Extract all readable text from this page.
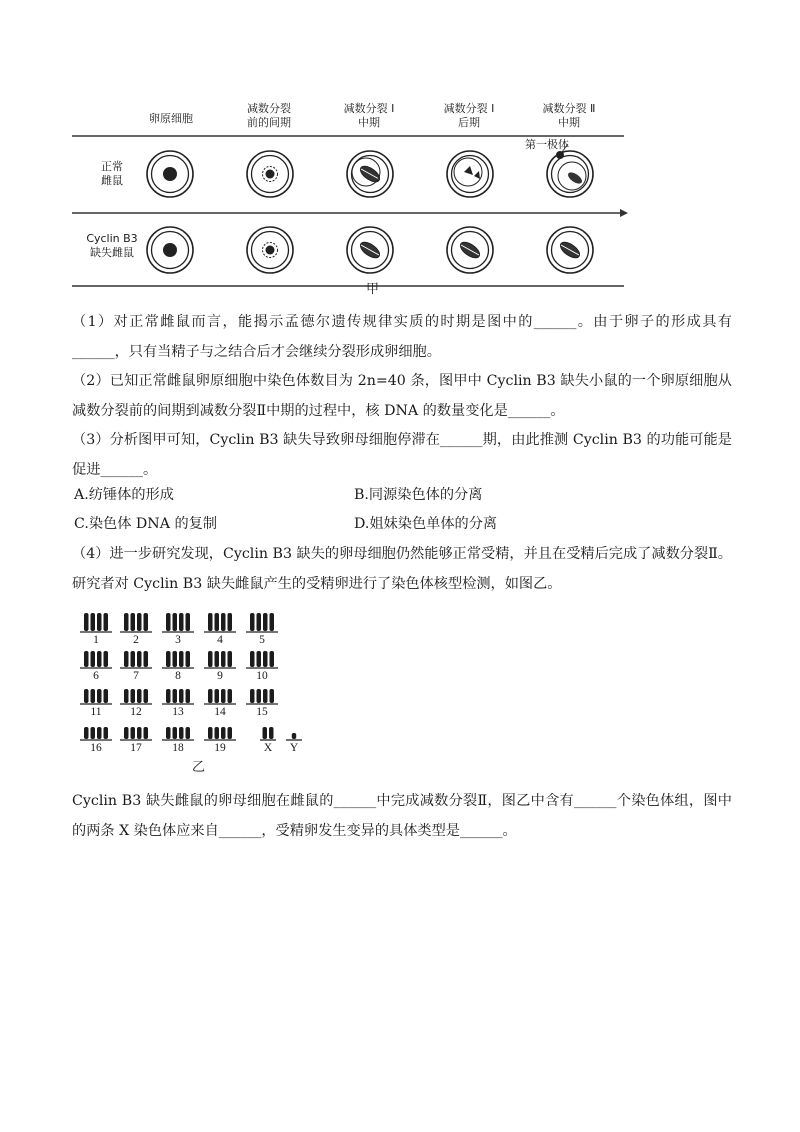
卵原细胞
减数分裂
前的间期
减数分裂 Ⅰ
中期
减数分裂 Ⅰ
后期
减数分裂 Ⅱ
中期
正常
雌鼠
Cyclin B3
缺失雌鼠
第一极体
甲

（1）对正常雌鼠而言，能揭示孟德尔遗传规律实质的时期是图中的______。由于卵子的形成具有______，只有当精子与之结合后才会继续分裂形成卵细胞。

（2）已知正常雌鼠卵原细胞中染色体数目为 2n=40 条，图甲中 Cyclin B3 缺失小鼠的一个卵原细胞从减数分裂前的间期到减数分裂Ⅱ中期的过程中，核 DNA 的数量变化是______。

（3）分析图甲可知，Cyclin B3 缺失导致卵母细胞停滞在______期，由此推测 Cyclin B3 的功能可能是促进______。

A.纺锤体的形成	B.同源染色体的分离
C.染色体 DNA 的复制	D.姐妹染色单体的分离

（4）进一步研究发现，Cyclin B3 缺失的卵母细胞仍然能够正常受精，并且在受精后完成了减数分裂Ⅱ。研究者对 Cyclin B3 缺失雌鼠产生的受精卵进行了染色体核型检测，如图乙。

1	2	3	4	5
6	7	8	9	10
11	12	13	14	15
16	17	18	19	X	Y
乙

Cyclin B3 缺失雌鼠的卵母细胞在雌鼠的______中完成减数分裂Ⅱ，图乙中含有______个染色体组，图中的两条 X 染色体应来自______，受精卵发生变异的具体类型是______。
